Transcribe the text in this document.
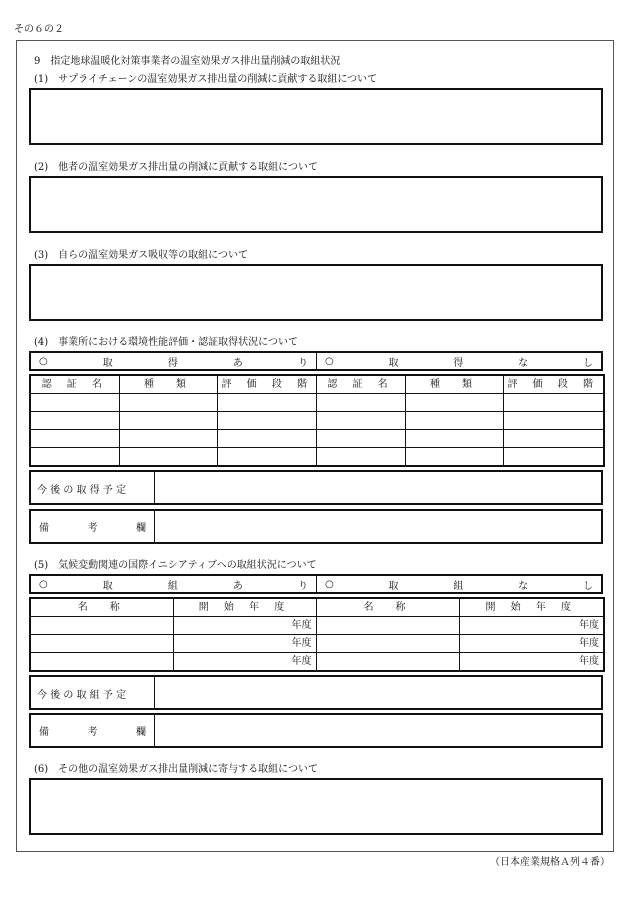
その６の２
9　指定地球温暖化対策事業者の温室効果ガス排出量削減の取組状況
(1)　サプライチェーンの温室効果ガス排出量の削減に貢献する取組について
(2)　他者の温室効果ガス排出量の削減に貢献する取組について
(3)　自らの温室効果ガス吸収等の取組について
(4)　事業所における環境性能評価・認証取得状況について
○	取	得	あ	り ○	取	得	な	し
認 証 名	種　類	評 価 段 階	認 証 名	種　類	評 価 段 階

今 後 の 取 得 予 定
備	考	欄
(5)　気候変動関連の国際イニシアティブへの取組状況について
○	取	組	あ	り ○	取	組	な	し
名　称	開 始 年 度		名　称	開 始 年 度	
		年度			年度
		年度			年度
		年度			年度
今 後 の 取 組 予 定
備	考	欄
(6)　その他の温室効果ガス排出量削減に寄与する取組について
（日本産業規格Ａ列４番）
